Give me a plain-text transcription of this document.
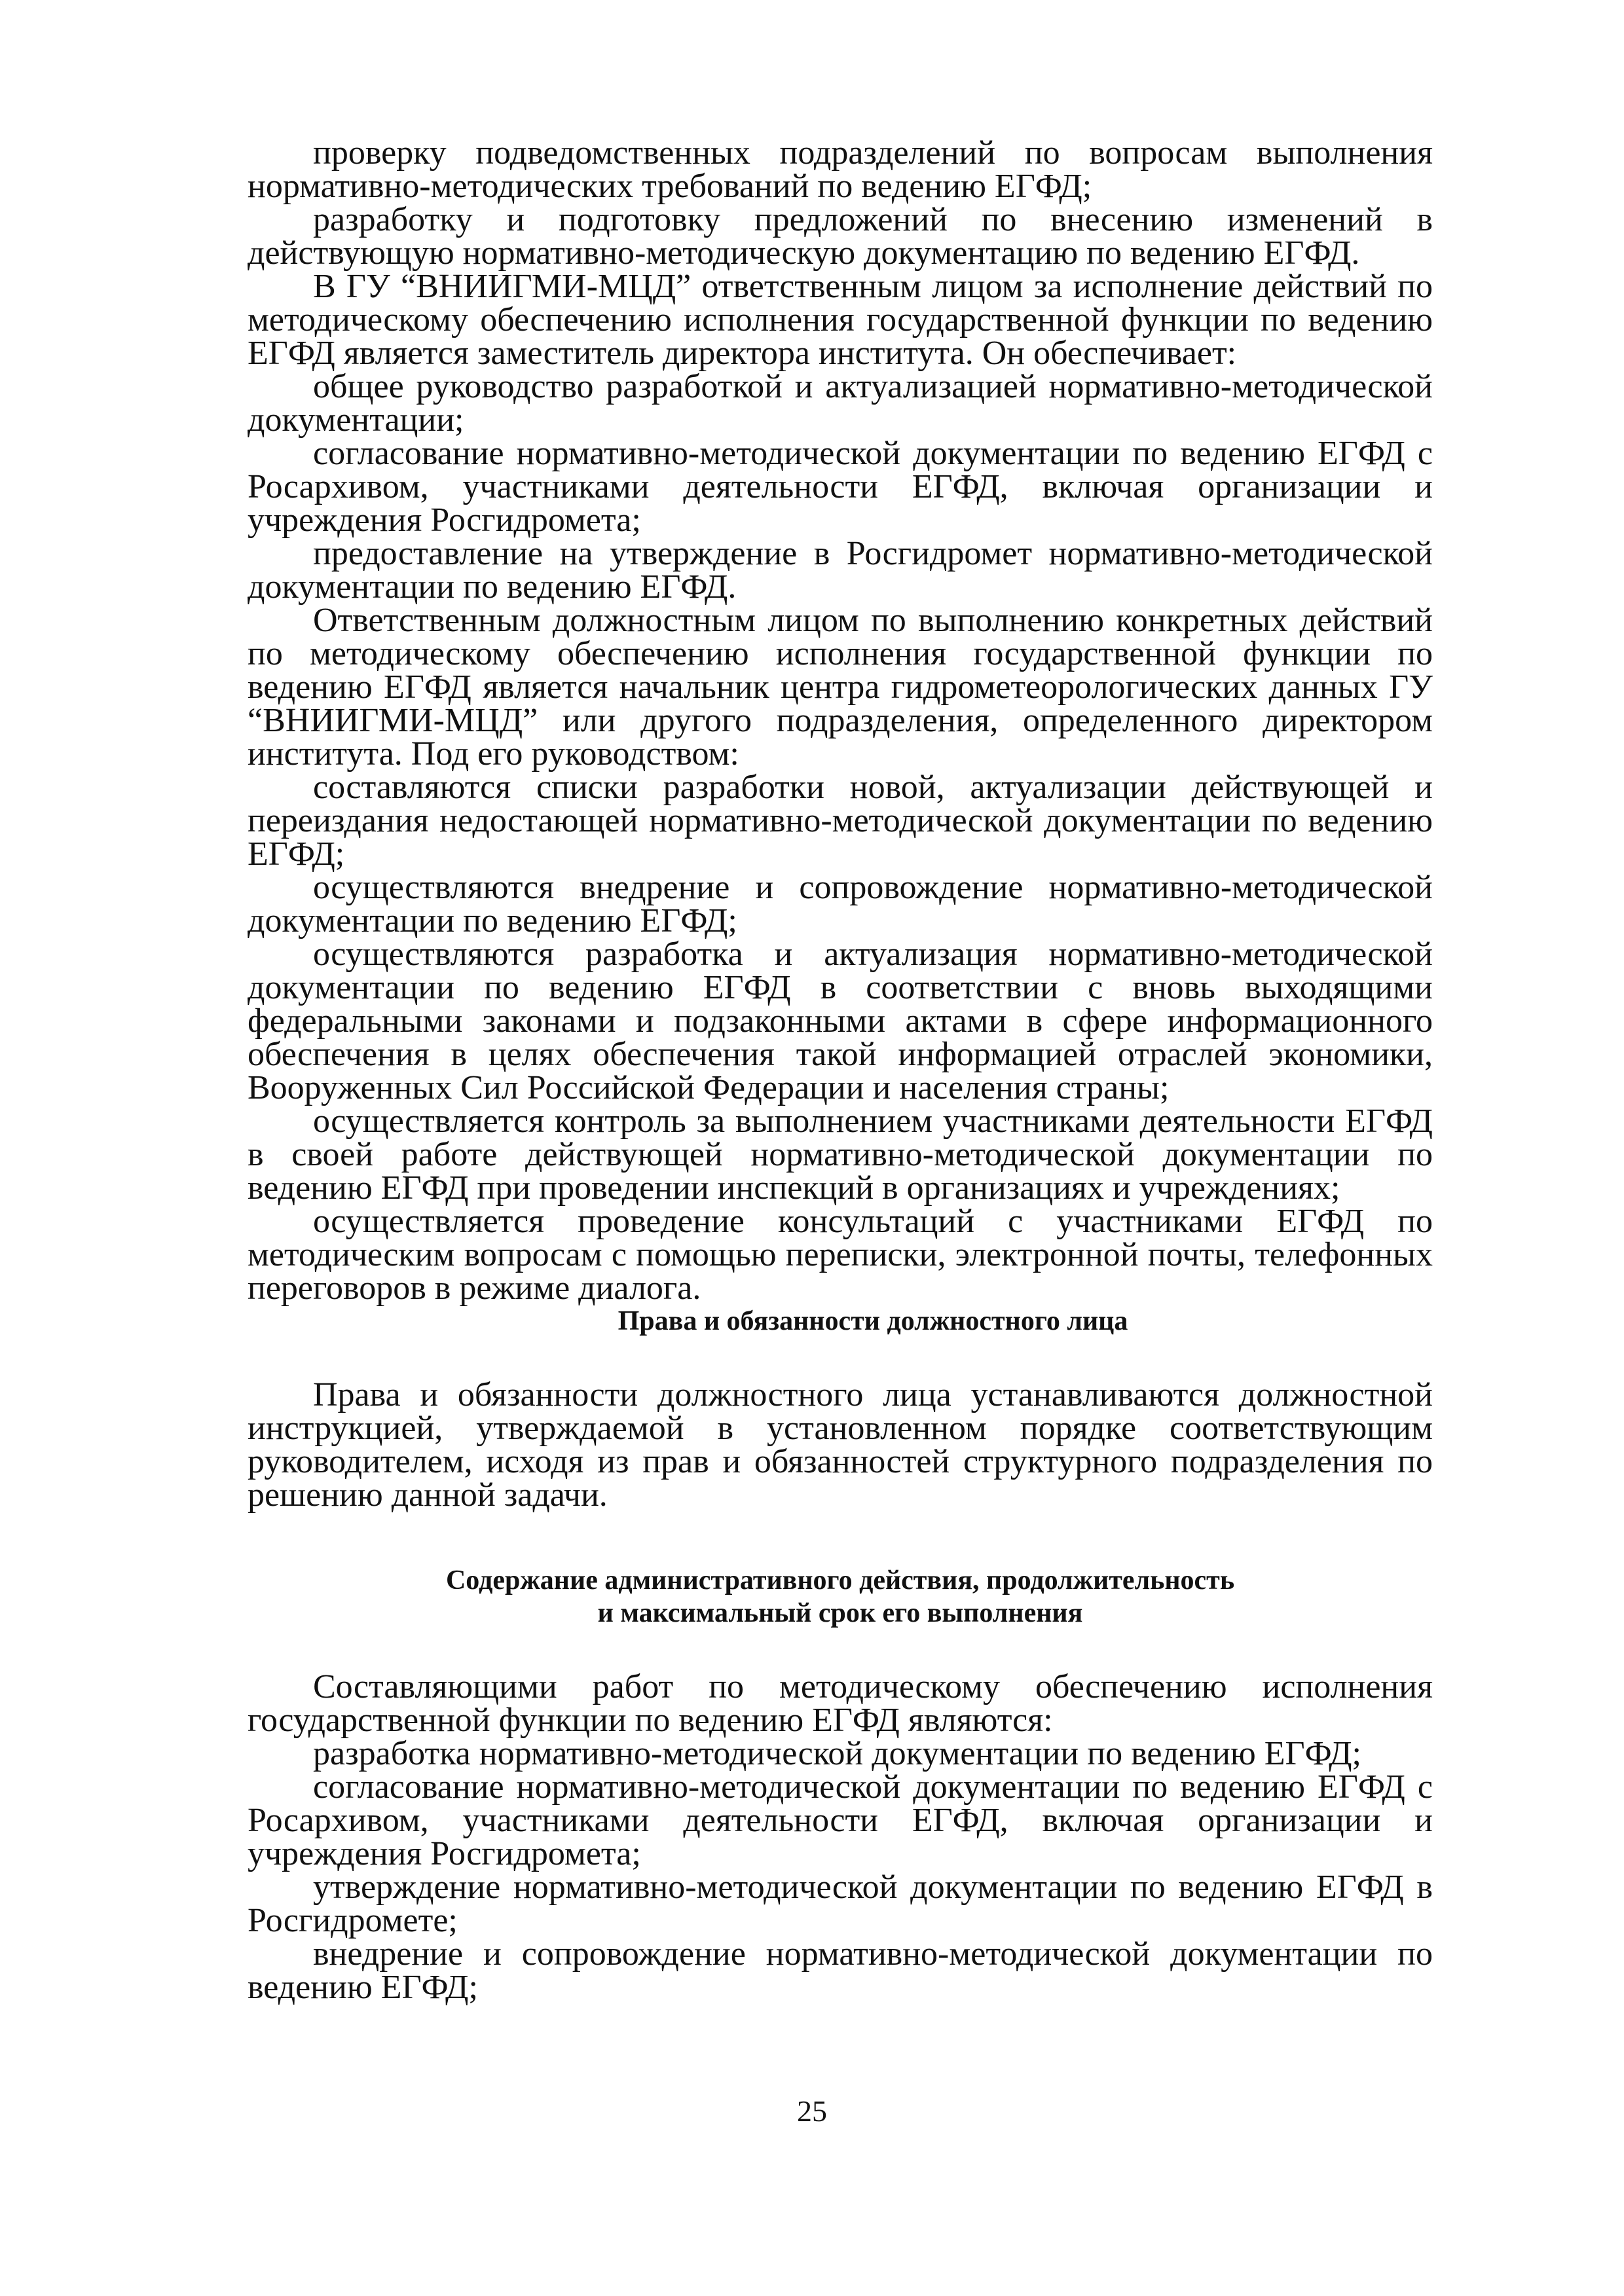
проверку подведомственных подразделений по вопросам выполнения нормативно-методических требований по ведению ЕГФД;

разработку и подготовку предложений по внесению изменений в действующую нормативно-методическую документацию по ведению ЕГФД.

В ГУ “ВНИИГМИ-МЦД” ответственным лицом за исполнение действий по методическому обеспечению исполнения государственной функции по ведению ЕГФД является заместитель директора института. Он обеспечивает:

общее руководство разработкой и актуализацией нормативно-методической документации;

согласование нормативно-методической документации по ведению ЕГФД с Росархивом, участниками деятельности ЕГФД, включая организации и учреждения Росгидромета;

предоставление на утверждение в Росгидромет нормативно-методической документации по ведению ЕГФД.

Ответственным должностным лицом по выполнению конкретных действий по методическому обеспечению исполнения государственной функции по ведению ЕГФД является начальник центра гидрометеорологических данных ГУ “ВНИИГМИ-МЦД” или другого подразделения, определенного директором института. Под его руководством:

составляются списки разработки новой, актуализации действующей и переиздания недостающей нормативно-методической документации по ведению ЕГФД;

осуществляются внедрение и сопровождение нормативно-методической документации по ведению ЕГФД;

осуществляются разработка и актуализация нормативно-методической документации по ведению ЕГФД в соответствии с вновь выходящими федеральными законами и подзаконными актами в сфере информационного обеспечения в целях обеспечения такой информацией отраслей экономики, Вооруженных Сил Российской Федерации и населения страны;

осуществляется контроль за выполнением участниками деятельности ЕГФД в своей работе действующей нормативно-методической документации по ведению ЕГФД при проведении инспекций в организациях и учреждениях;

осуществляется проведение консультаций с участниками ЕГФД по методическим вопросам с помощью переписки, электронной почты, телефонных переговоров в режиме диалога.

Права и обязанности должностного лица

Права и обязанности должностного лица устанавливаются должностной инструкцией, утверждаемой в установленном порядке соответствующим руководителем, исходя из прав и обязанностей структурного подразделения по решению данной задачи.

Содержание административного действия, продолжительность
и максимальный срок его выполнения

Составляющими работ по методическому обеспечению исполнения государственной функции по ведению ЕГФД являются:

разработка нормативно-методической документации по ведению ЕГФД;

согласование нормативно-методической документации по ведению ЕГФД с Росархивом, участниками деятельности ЕГФД, включая организации и учреждения Росгидромета;

утверждение нормативно-методической документации по ведению ЕГФД в Росгидромете;

внедрение и сопровождение нормативно-методической документации по ведению ЕГФД;

25
